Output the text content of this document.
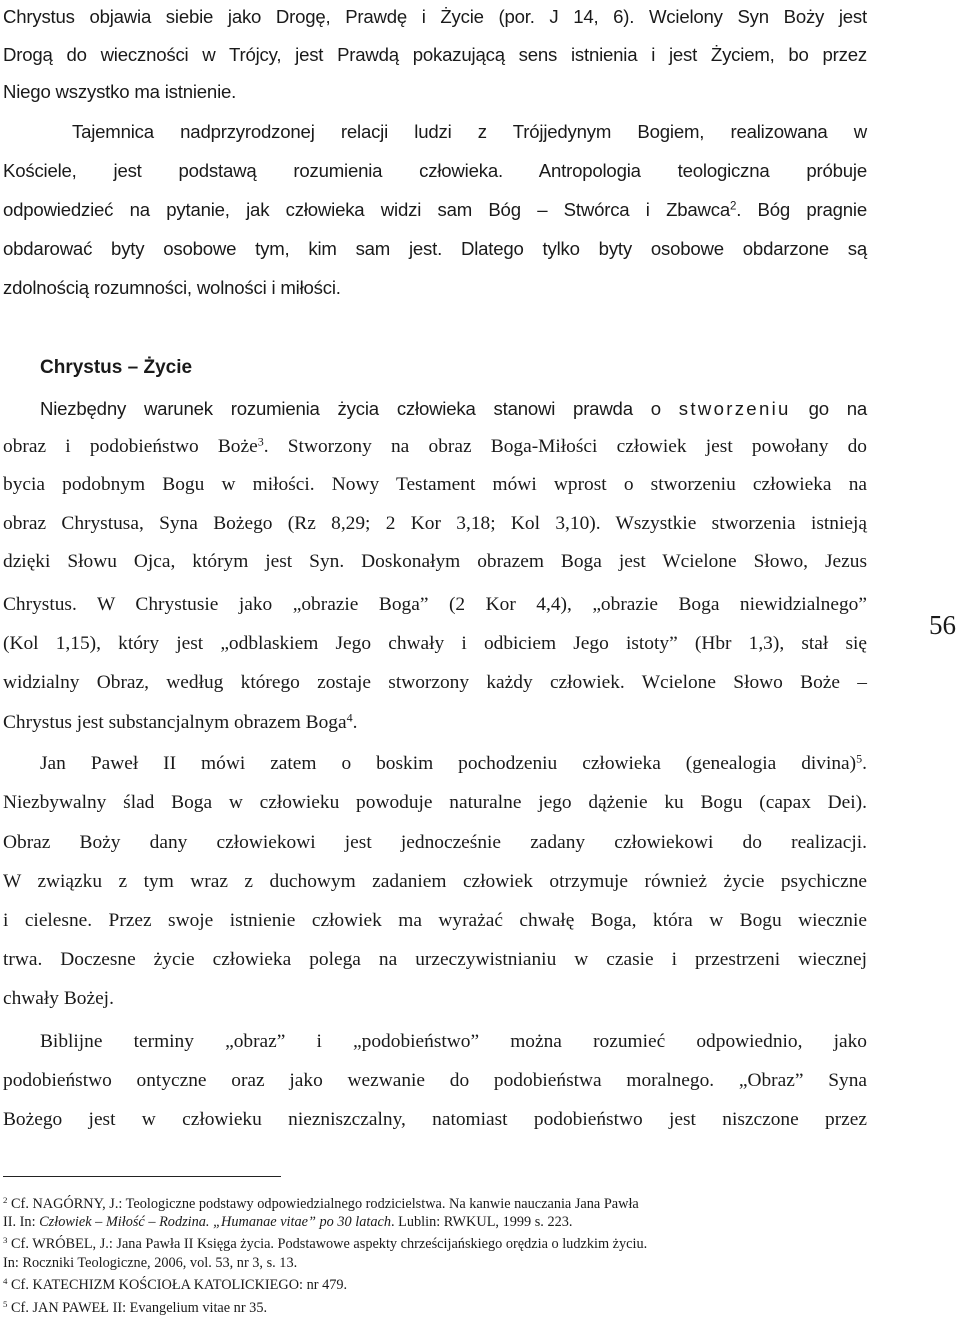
Chrystus objawia siebie jako Drogę, Prawdę i Życie (por. J 14, 6). Wcielony Syn Boży jest
Drogą do wieczności w Trójcy, jest Prawdą pokazującą sens istnienia i jest Życiem, bo przez
Niego wszystko ma istnienie.
Tajemnica nadprzyrodzonej relacji ludzi z Trójjedynym Bogiem, realizowana w
Kościele, jest podstawą rozumienia człowieka. Antropologia teologiczna próbuje
odpowiedzieć na pytanie, jak człowieka widzi sam Bóg – Stwórca i Zbawca$^2$. Bóg pragnie
obdarować byty osobowe tym, kim sam jest. Dlatego tylko byty osobowe obdarzone są
zdolnością rozumności, wolności i miłości.
Chrystus – Życie
Niezbędny warunek rozumienia życia człowieka stanowi prawda o stworzeniu go na
obraz i podobieństwo Boże$^3$. Stworzony na obraz Boga-Miłości człowiek jest powołany do
bycia podobnym Bogu w miłości. Nowy Testament mówi wprost o stworzeniu człowieka na
obraz Chrystusa, Syna Bożego (Rz 8,29; 2 Kor 3,18; Kol 3,10). Wszystkie stworzenia istnieją
dzięki Słowu Ojca, którym jest Syn. Doskonałym obrazem Boga jest Wcielone Słowo, Jezus
Chrystus. W Chrystusie jako „obrazie Boga” (2 Kor 4,4), „obrazie Boga niewidzialnego”
(Kol 1,15), który jest „odblaskiem Jego chwały i odbiciem Jego istoty” (Hbr 1,3), stał się
widzialny Obraz, według którego zostaje stworzony każdy człowiek. Wcielone Słowo Boże –
Chrystus jest substancjalnym obrazem Boga$^4$.
Jan Paweł II mówi zatem o boskim pochodzeniu człowieka (genealogia divina)$^5$.
Niezbywalny ślad Boga w człowieku powoduje naturalne jego dążenie ku Bogu (capax Dei).
Obraz Boży dany człowiekowi jest jednocześnie zadany człowiekowi do realizacji.
W związku z tym wraz z duchowym zadaniem człowiek otrzymuje również życie psychiczne
i cielesne. Przez swoje istnienie człowiek ma wyrażać chwałę Boga, która w Bogu wiecznie
trwa. Doczesne życie człowieka polega na urzeczywistnianiu w czasie i przestrzeni wiecznej
chwały Bożej.
Biblijne terminy „obraz” i „podobieństwo” można rozumieć odpowiednio, jako
podobieństwo ontyczne oraz jako wezwanie do podobieństwa moralnego. „Obraz” Syna
Bożego jest w człowieku niezniszczalny, natomiast podobieństwo jest niszczone przez
56
$^2$ Cf. NAGÓRNY, J.: Teologiczne podstawy odpowiedzialnego rodzicielstwa. Na kanwie nauczania Jana Pawła
II. In: Człowiek – Miłość – Rodzina. „Humanae vitae” po 30 latach. Lublin: RWKUL, 1999 s. 223.
$^3$ Cf. WRÓBEL, J.: Jana Pawła II Księga życia. Podstawowe aspekty chrześcijańskiego orędzia o ludzkim życiu.
In: Roczniki Teologiczne, 2006, vol. 53, nr 3, s. 13.
$^4$ Cf. KATECHIZM KOŚCIOŁA KATOLICKIEGO: nr 479.
$^5$ Cf. JAN PAWEŁ II: Evangelium vitae nr 35.
